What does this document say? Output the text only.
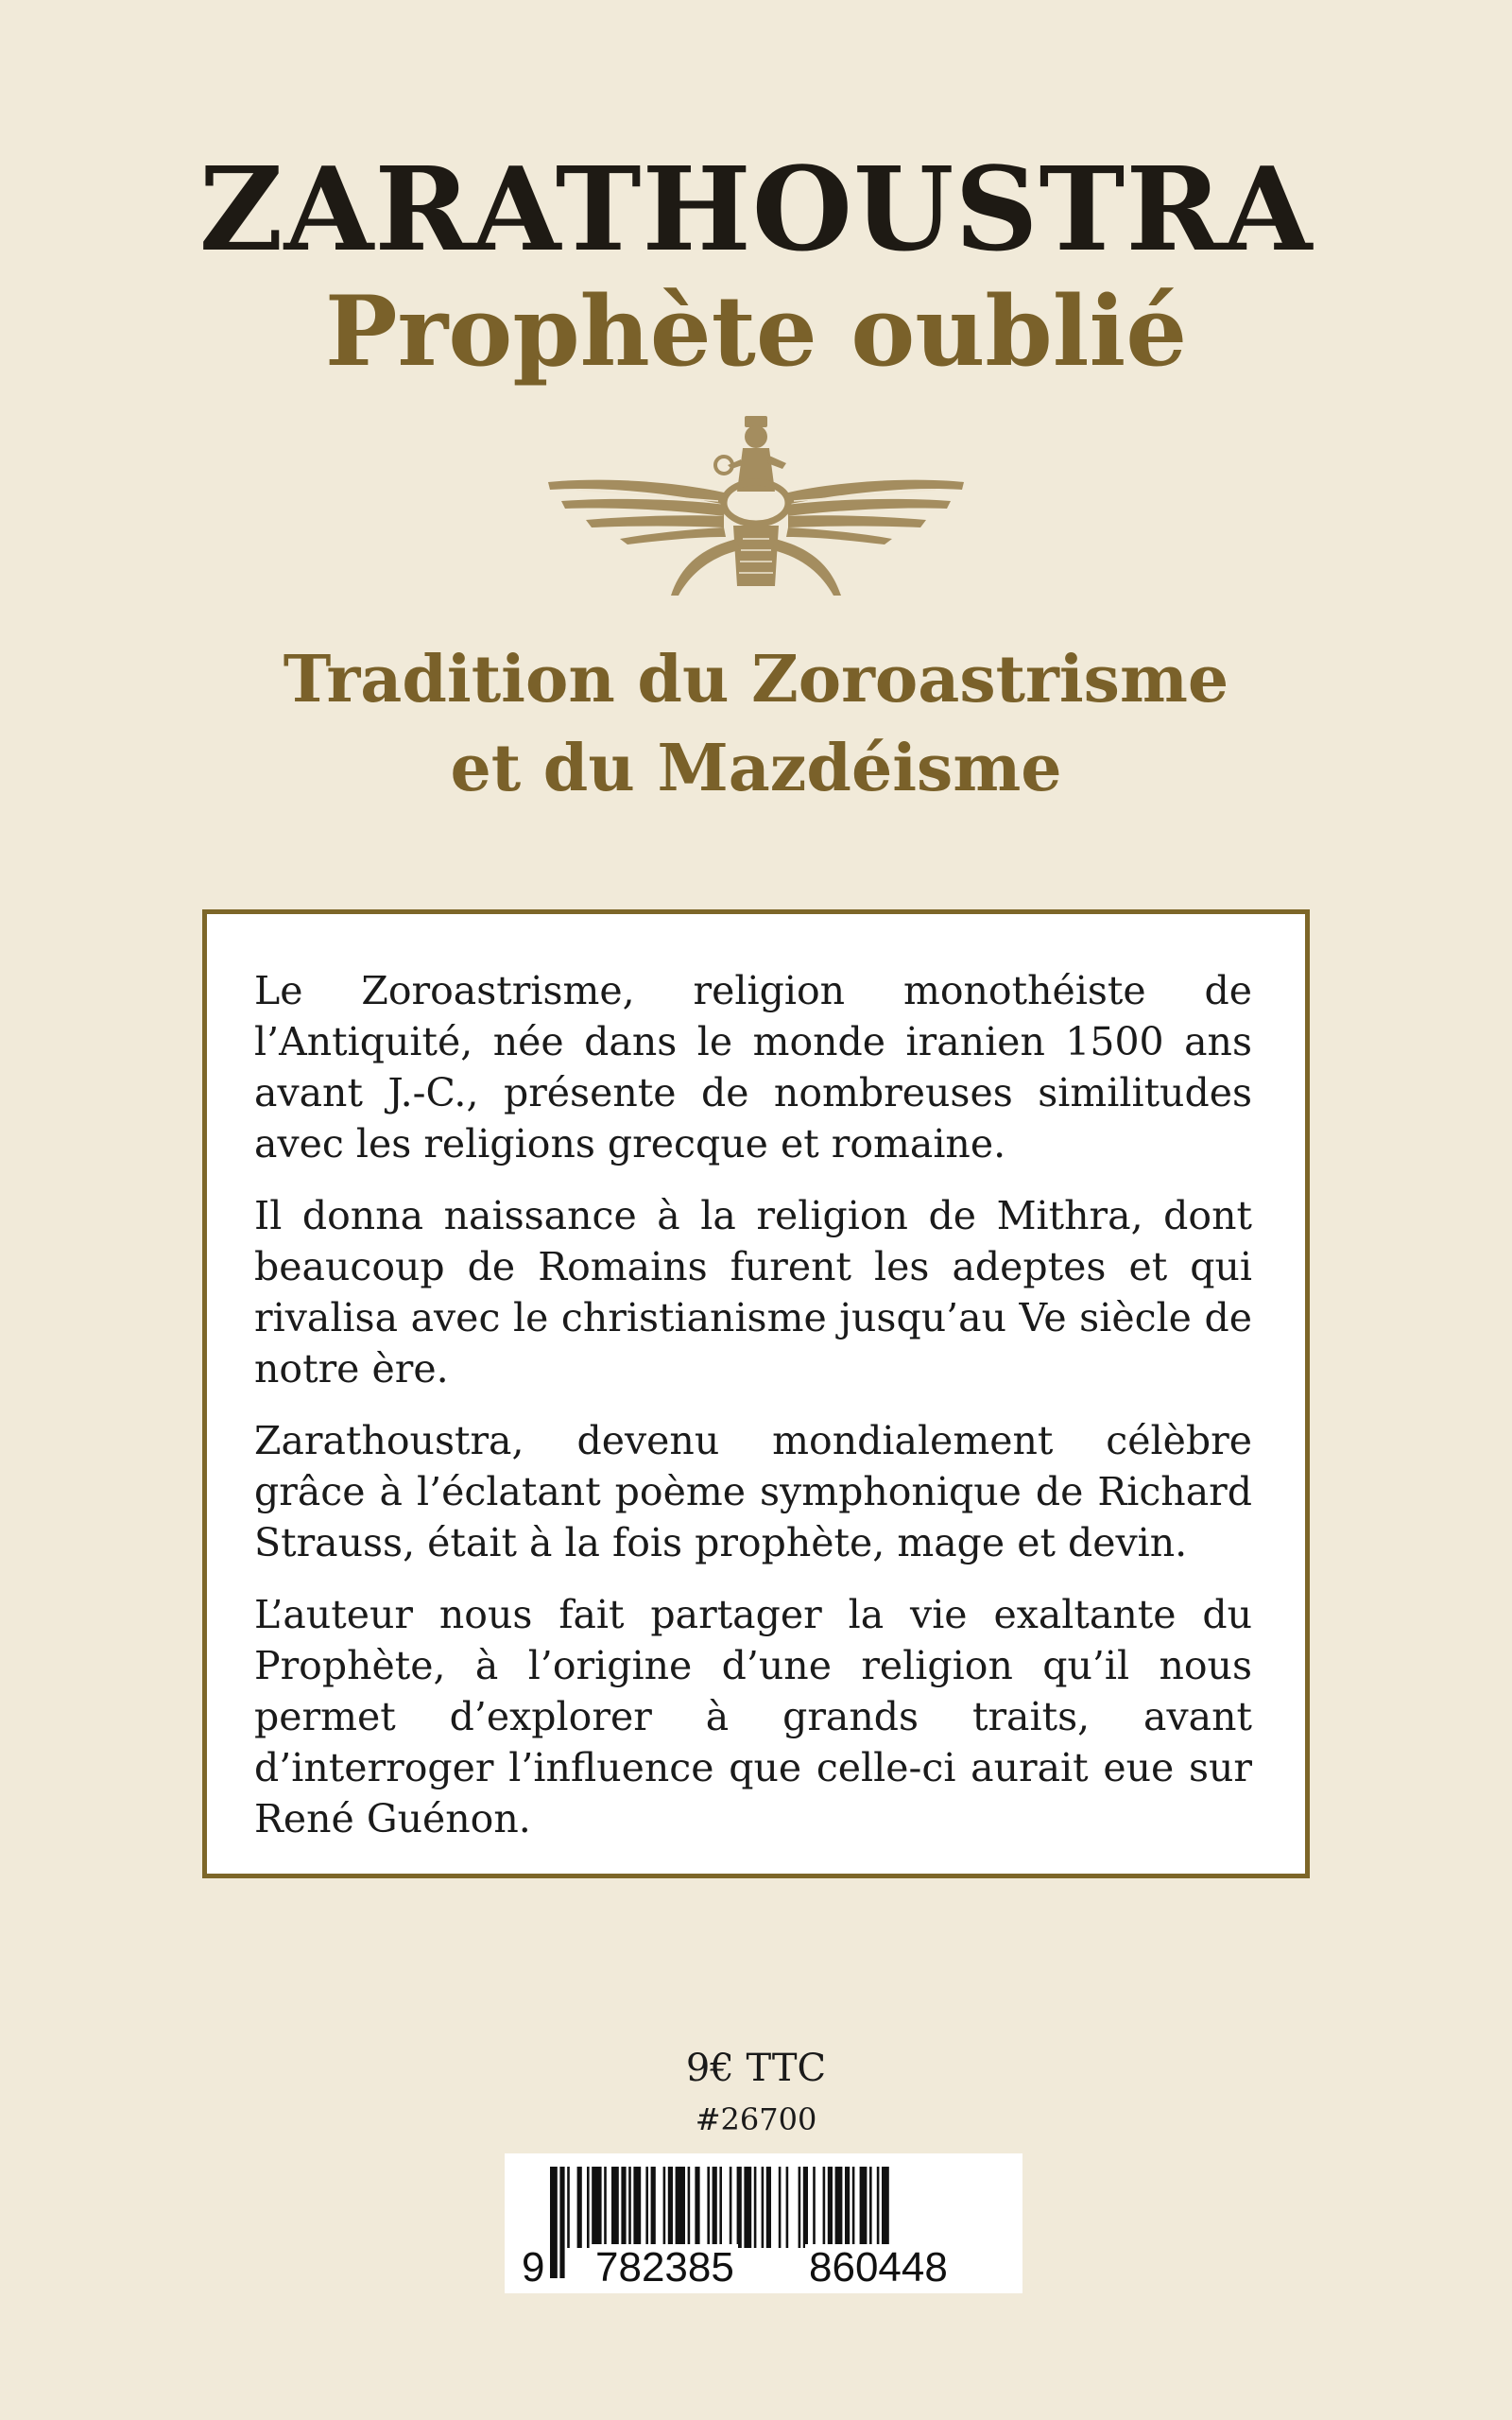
ZARATHOUSTRA
Prophète oublié
Tradition du Zoroastrisme
et du Mazdéisme

Le Zoroastrisme, religion monothéiste de l’Antiquité, née dans le monde iranien 1500 ans avant J.-C., présente de nombreuses similitudes avec les religions grecque et romaine.

Il donna naissance à la religion de Mithra, dont beaucoup de Romains furent les adeptes et qui rivalisa avec le christianisme jusqu’au Ve siècle de notre ère.

Zarathoustra, devenu mondialement célèbre grâce à l’éclatant poème symphonique de Richard Strauss, était à la fois prophète, mage et devin.

L’auteur nous fait partager la vie exaltante du Prophète, à l’origine d’une religion qu’il nous permet d’explorer à grands traits, avant d’interroger l’influence que celle-ci aurait eue sur René Guénon.

9€ TTC
#26700
9 782385 860448
